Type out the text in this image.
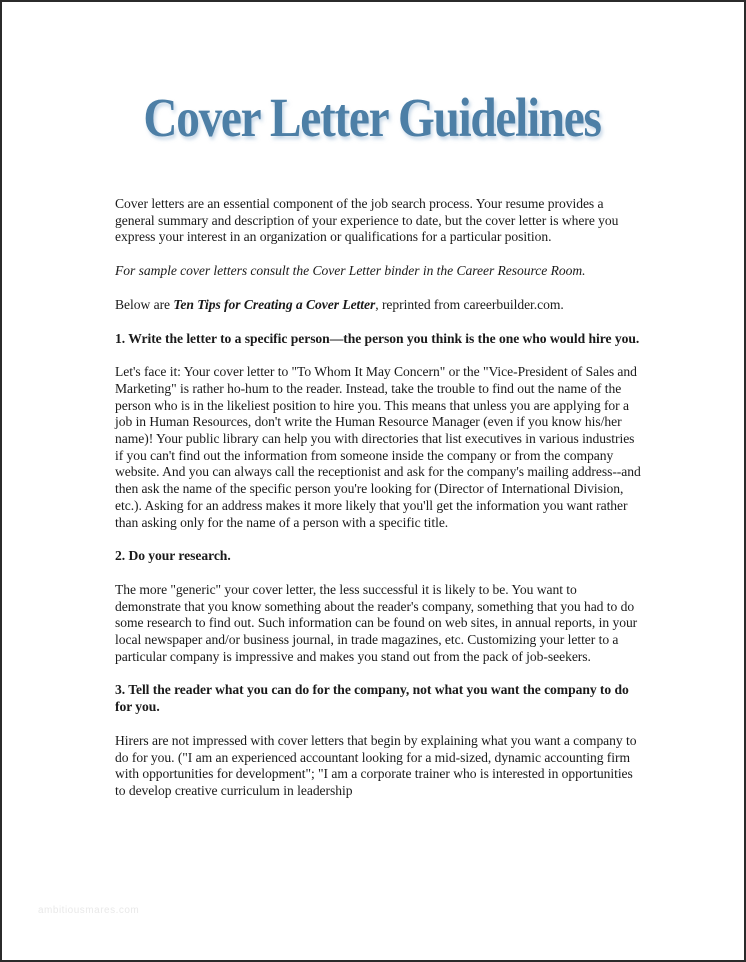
Cover Letter Guidelines

Cover letters are an essential component of the job search process. Your resume provides a general summary and description of your experience to date, but the cover letter is where you express your interest in an organization or qualifications for a particular position.

For sample cover letters consult the Cover Letter binder in the Career Resource Room.

Below are Ten Tips for Creating a Cover Letter, reprinted from careerbuilder.com.

1. Write the letter to a specific person—the person you think is the one who would hire you.

Let's face it: Your cover letter to "To Whom It May Concern" or the "Vice-President of Sales and Marketing" is rather ho-hum to the reader. Instead, take the trouble to find out the name of the person who is in the likeliest position to hire you. This means that unless you are applying for a job in Human Resources, don't write the Human Resource Manager (even if you know his/her name)! Your public library can help you with directories that list executives in various industries if you can't find out the information from someone inside the company or from the company website. And you can always call the receptionist and ask for the company's mailing address--and then ask the name of the specific person you're looking for (Director of International Division, etc.). Asking for an address makes it more likely that you'll get the information you want rather than asking only for the name of a person with a specific title.

2. Do your research.

The more "generic" your cover letter, the less successful it is likely to be. You want to demonstrate that you know something about the reader's company, something that you had to do some research to find out. Such information can be found on web sites, in annual reports, in your local newspaper and/or business journal, in trade magazines, etc. Customizing your letter to a particular company is impressive and makes you stand out from the pack of job-seekers.

3. Tell the reader what you can do for the company, not what you want the company to do for you.

Hirers are not impressed with cover letters that begin by explaining what you want a company to do for you. ("I am an experienced accountant looking for a mid-sized, dynamic accounting firm with opportunities for development"; "I am a corporate trainer who is interested in opportunities to develop creative curriculum in leadership

ambitiousmares.com
